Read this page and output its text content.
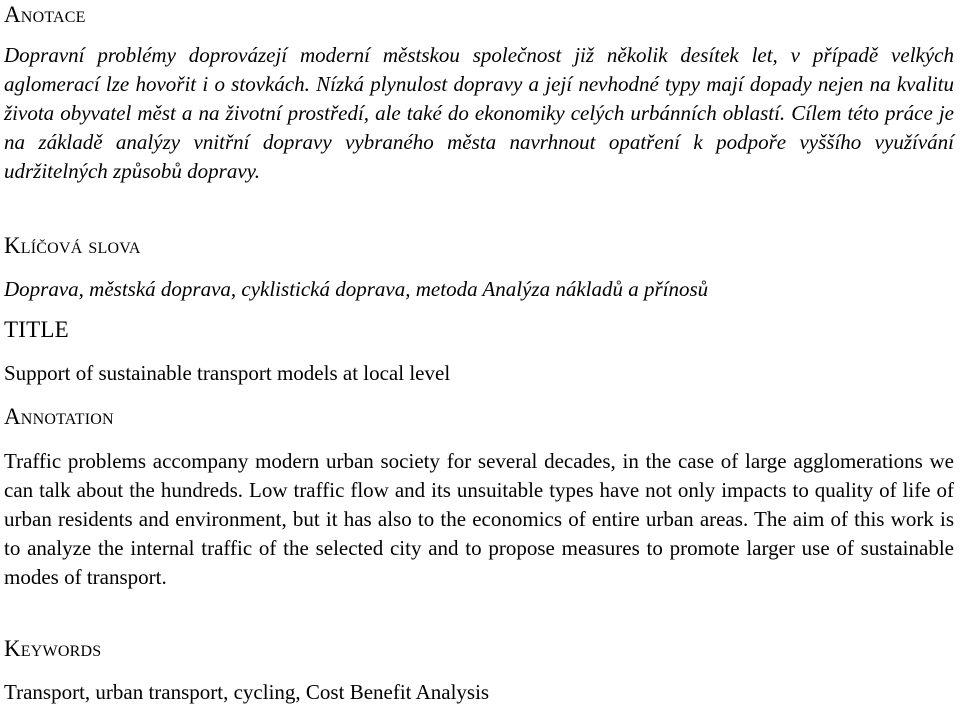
Anotace

Dopravní problémy doprovázejí moderní městskou společnost již několik desítek let, v případě velkých aglomerací lze hovořit i o stovkách. Nízká plynulost dopravy a její nevhodné typy mají dopady nejen na kvalitu života obyvatel měst a na životní prostředí, ale také do ekonomiky celých urbánních oblastí. Cílem této práce je na základě analýzy vnitřní dopravy vybraného města navrhnout opatření k podpoře vyššího využívání udržitelných způsobů dopravy.

Klíčová slova

Doprava, městská doprava, cyklistická doprava, metoda Analýza nákladů a přínosů

TITLE

Support of sustainable transport models at local level

Annotation

Traffic problems accompany modern urban society for several decades, in the case of large agglomerations we can talk about the hundreds. Low traffic flow and its unsuitable types have not only impacts to quality of life of urban residents and environment, but it has also to the economics of entire urban areas. The aim of this work is to analyze the internal traffic of the selected city and to propose measures to promote larger use of sustainable modes of transport.

Keywords

Transport, urban transport, cycling, Cost Benefit Analysis
